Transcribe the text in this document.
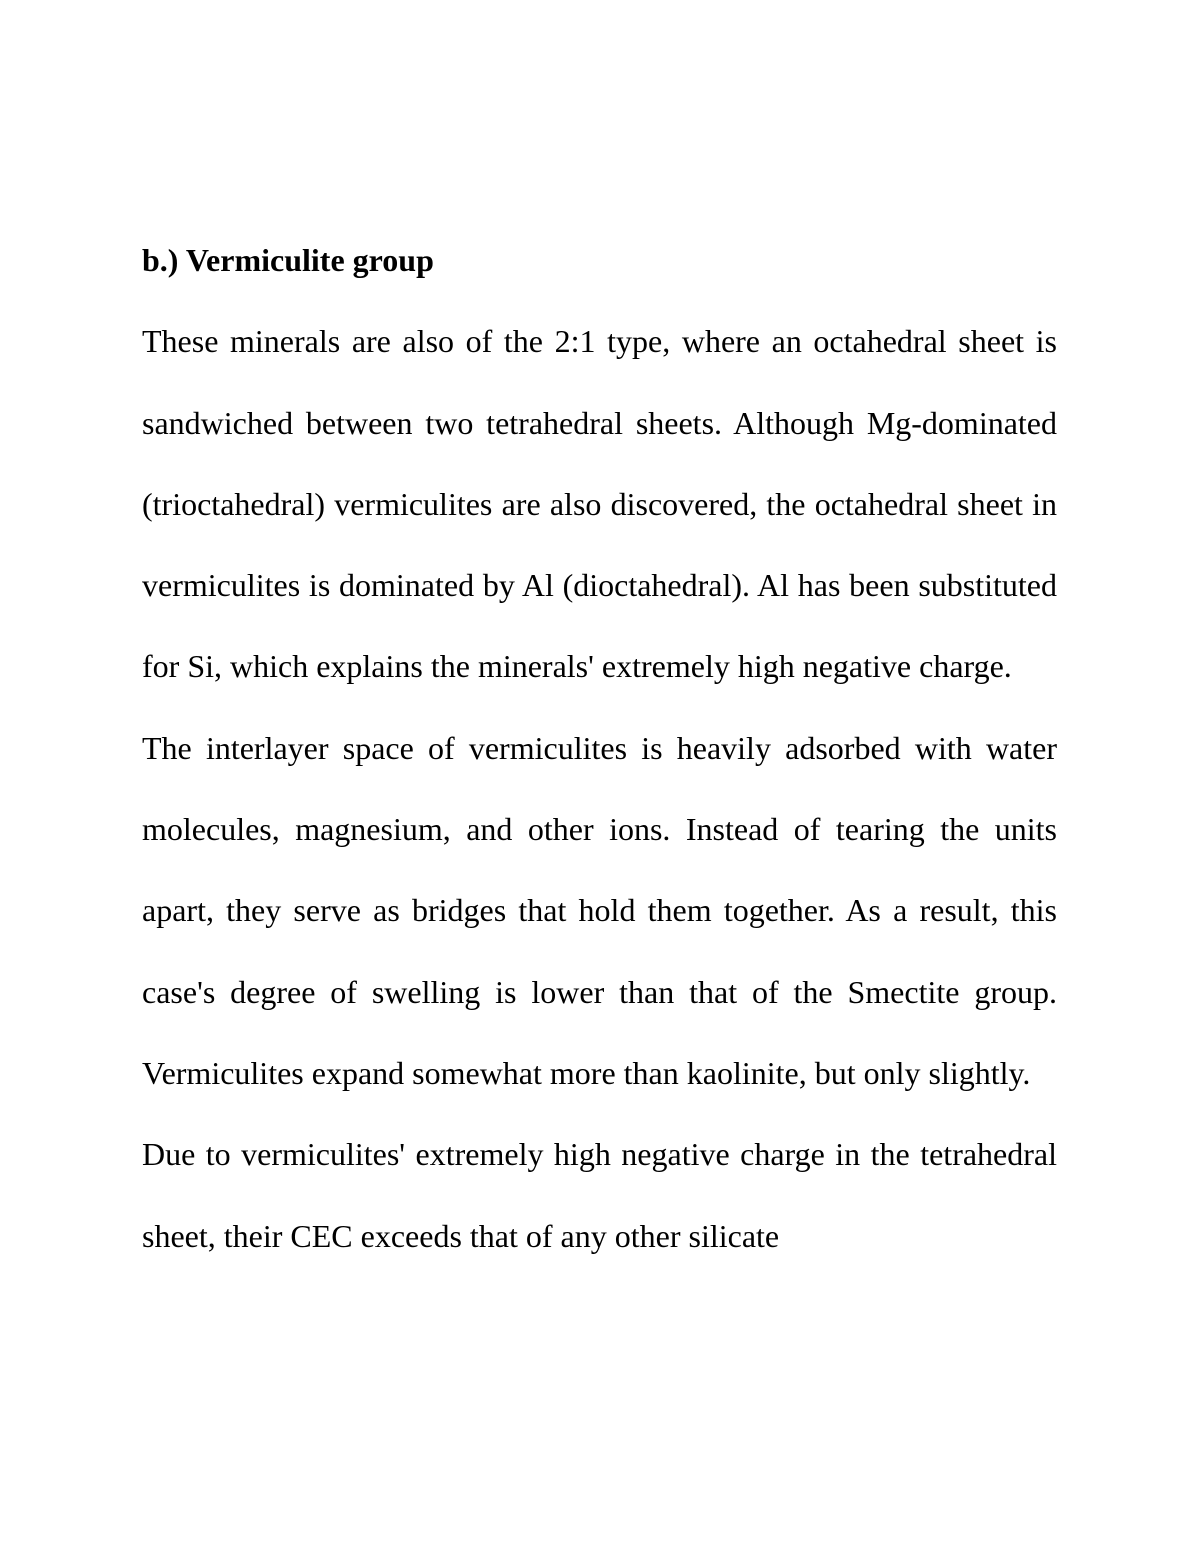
b.) Vermiculite group

These minerals are also of the 2:1 type, where an octahedral sheet is sandwiched between two tetrahedral sheets. Although Mg-dominated (trioctahedral) vermiculites are also discovered, the octahedral sheet in vermiculites is dominated by Al (dioctahedral). Al has been substituted for Si, which explains the minerals' extremely high negative charge.

The interlayer space of vermiculites is heavily adsorbed with water molecules, magnesium, and other ions. Instead of tearing the units apart, they serve as bridges that hold them together. As a result, this case's degree of swelling is lower than that of the Smectite group. Vermiculites expand somewhat more than kaolinite, but only slightly.

Due to vermiculites' extremely high negative charge in the tetrahedral sheet, their CEC exceeds that of any other silicate
